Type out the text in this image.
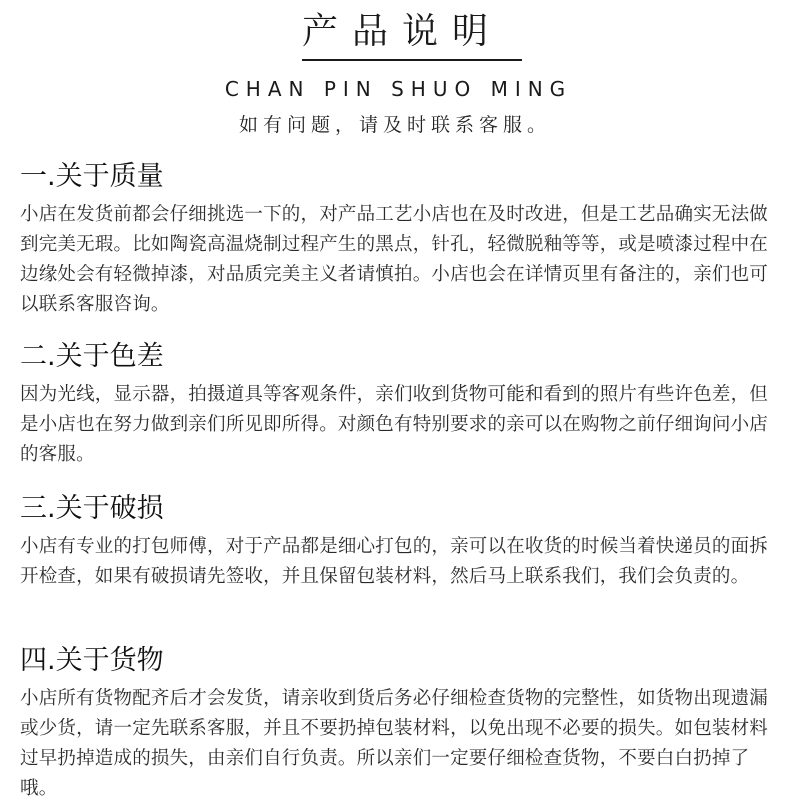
产品说明
CHAN PIN SHUO MING
如有问题，请及时联系客服。
一.关于质量

小店在发货前都会仔细挑选一下的，对产品工艺小店也在及时改进，但是工艺品确实无法做到完美无瑕。比如陶瓷高温烧制过程产生的黑点，针孔，轻微脱釉等等，或是喷漆过程中在边缘处会有轻微掉漆，对品质完美主义者请慎拍。小店也会在详情页里有备注的，亲们也可以联系客服咨询。

二.关于色差

因为光线，显示器，拍摄道具等客观条件，亲们收到货物可能和看到的照片有些许色差，但是小店也在努力做到亲们所见即所得。对颜色有特别要求的亲可以在购物之前仔细询问小店的客服。

三.关于破损

小店有专业的打包师傅，对于产品都是细心打包的，亲可以在收货的时候当着快递员的面拆开检查，如果有破损请先签收，并且保留包装材料，然后马上联系我们，我们会负责的。

四.关于货物

小店所有货物配齐后才会发货，请亲收到货后务必仔细检查货物的完整性，如货物出现遗漏或少货，请一定先联系客服，并且不要扔掉包装材料，以免出现不必要的损失。如包装材料过早扔掉造成的损失，由亲们自行负责。所以亲们一定要仔细检查货物，不要白白扔掉了哦。
